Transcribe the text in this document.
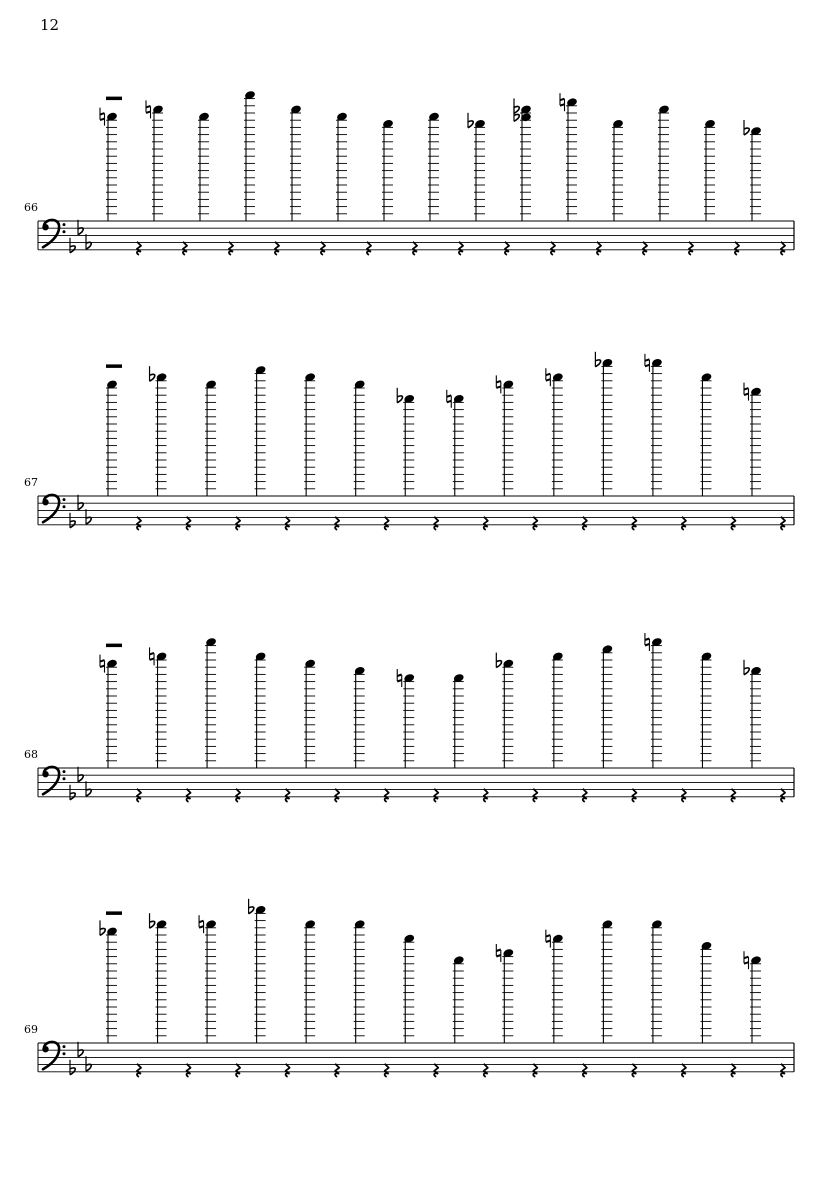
12
66
67
68
69
